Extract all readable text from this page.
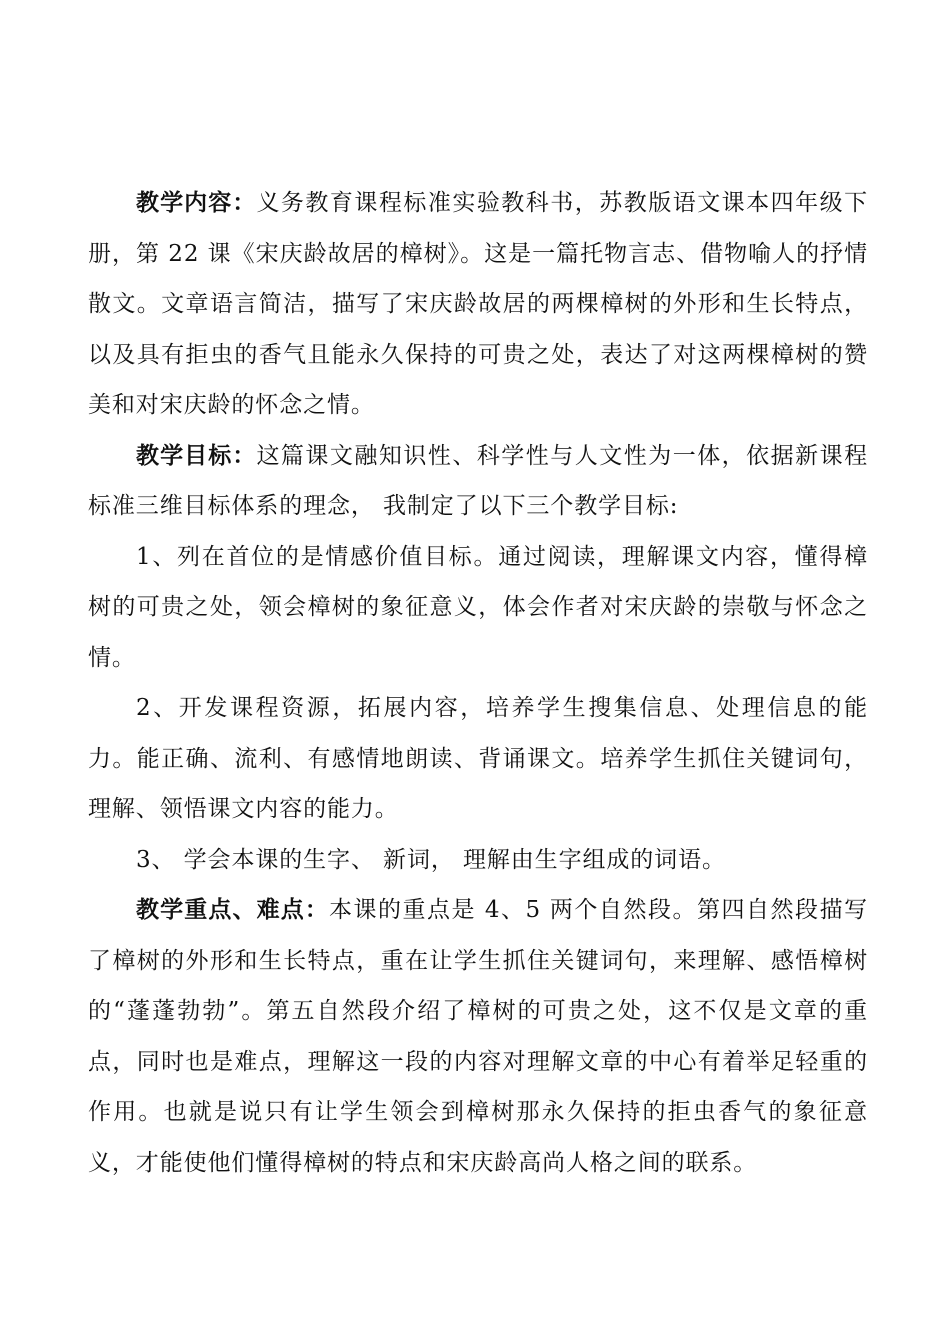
教学内容：义务教育课程标准实验教科书，苏教版语文课本四年级下册，第 22 课《宋庆龄故居的樟树》。这是一篇托物言志、借物喻人的抒情散文。文章语言简洁，描写了宋庆龄故居的两棵樟树的外形和生长特点，以及具有拒虫的香气且能永久保持的可贵之处，表达了对这两棵樟树的赞美和对宋庆龄的怀念之情。

教学目标：这篇课文融知识性、科学性与人文性为一体，依据新课程标准三维目标体系的理念， 我制定了以下三个教学目标:

1、列在首位的是情感价值目标。通过阅读，理解课文内容，懂得樟树的可贵之处，领会樟树的象征意义，体会作者对宋庆龄的崇敬与怀念之情。

2、开发课程资源，拓展内容，培养学生搜集信息、处理信息的能力。能正确、流利、有感情地朗读、背诵课文。培养学生抓住关键词句，理解、领悟课文内容的能力。

3、 学会本课的生字、 新词， 理解由生字组成的词语。

教学重点、难点：本课的重点是 4、5 两个自然段。第四自然段描写了樟树的外形和生长特点，重在让学生抓住关键词句，来理解、感悟樟树的“蓬蓬勃勃”。第五自然段介绍了樟树的可贵之处，这不仅是文章的重点，同时也是难点，理解这一段的内容对理解文章的中心有着举足轻重的作用。也就是说只有让学生领会到樟树那永久保持的拒虫香气的象征意义，才能使他们懂得樟树的特点和宋庆龄高尚人格之间的联系。
